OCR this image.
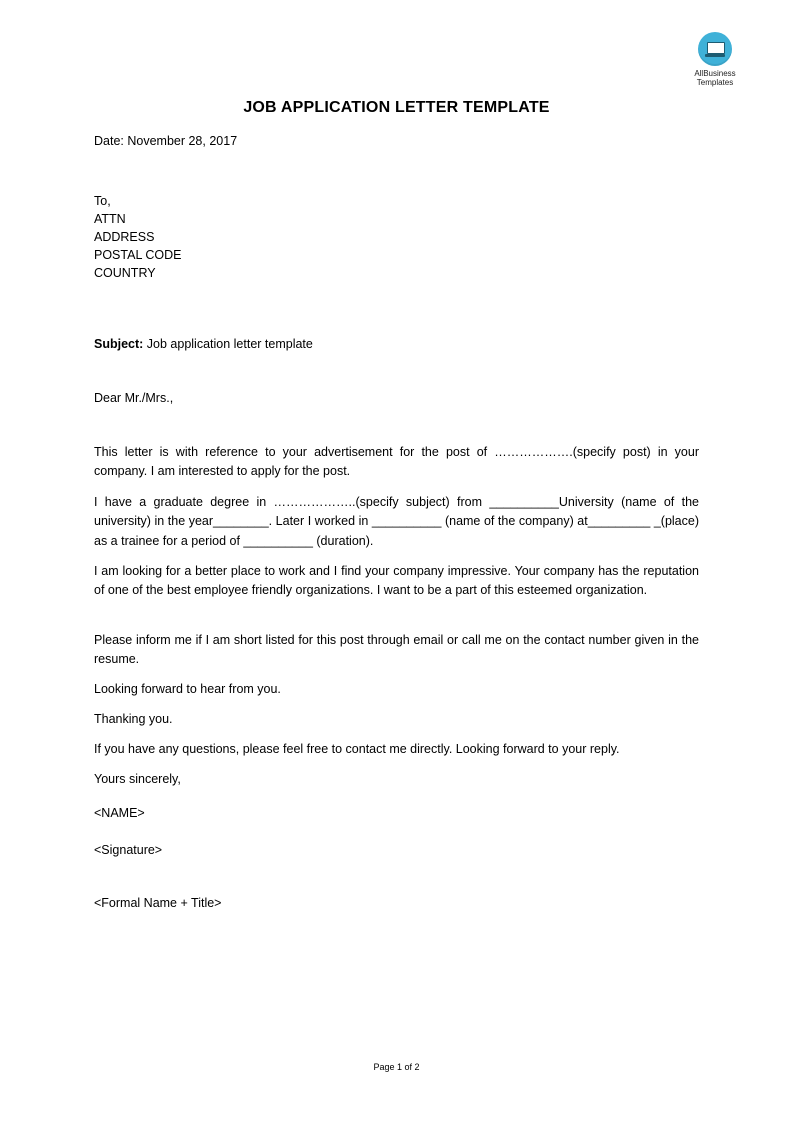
AllBusiness
Templates
JOB APPLICATION LETTER TEMPLATE
Date: November 28, 2017
To,
ATTN
ADDRESS
POSTAL CODE
COUNTRY
Subject: Job application letter template
Dear Mr./Mrs.,
This letter is with reference to your advertisement for the post of ……………….(specify post) in your company. I am interested to apply for the post.
I have a graduate degree in ………………..(specify subject) from __________University (name of the university) in the year________. Later I worked in __________ (name of the company) at_________ _(place) as a trainee for a period of __________ (duration).
I am looking for a better place to work and I find your company impressive. Your company has the reputation of one of the best employee friendly organizations. I want to be a part of this esteemed organization.
Please inform me if I am short listed for this post through email or call me on the contact number given in the resume.
Looking forward to hear from you.
Thanking you.
If you have any questions, please feel free to contact me directly. Looking forward to your reply.
Yours sincerely,
<NAME>
<Signature>
<Formal Name + Title>
Page 1 of 2
